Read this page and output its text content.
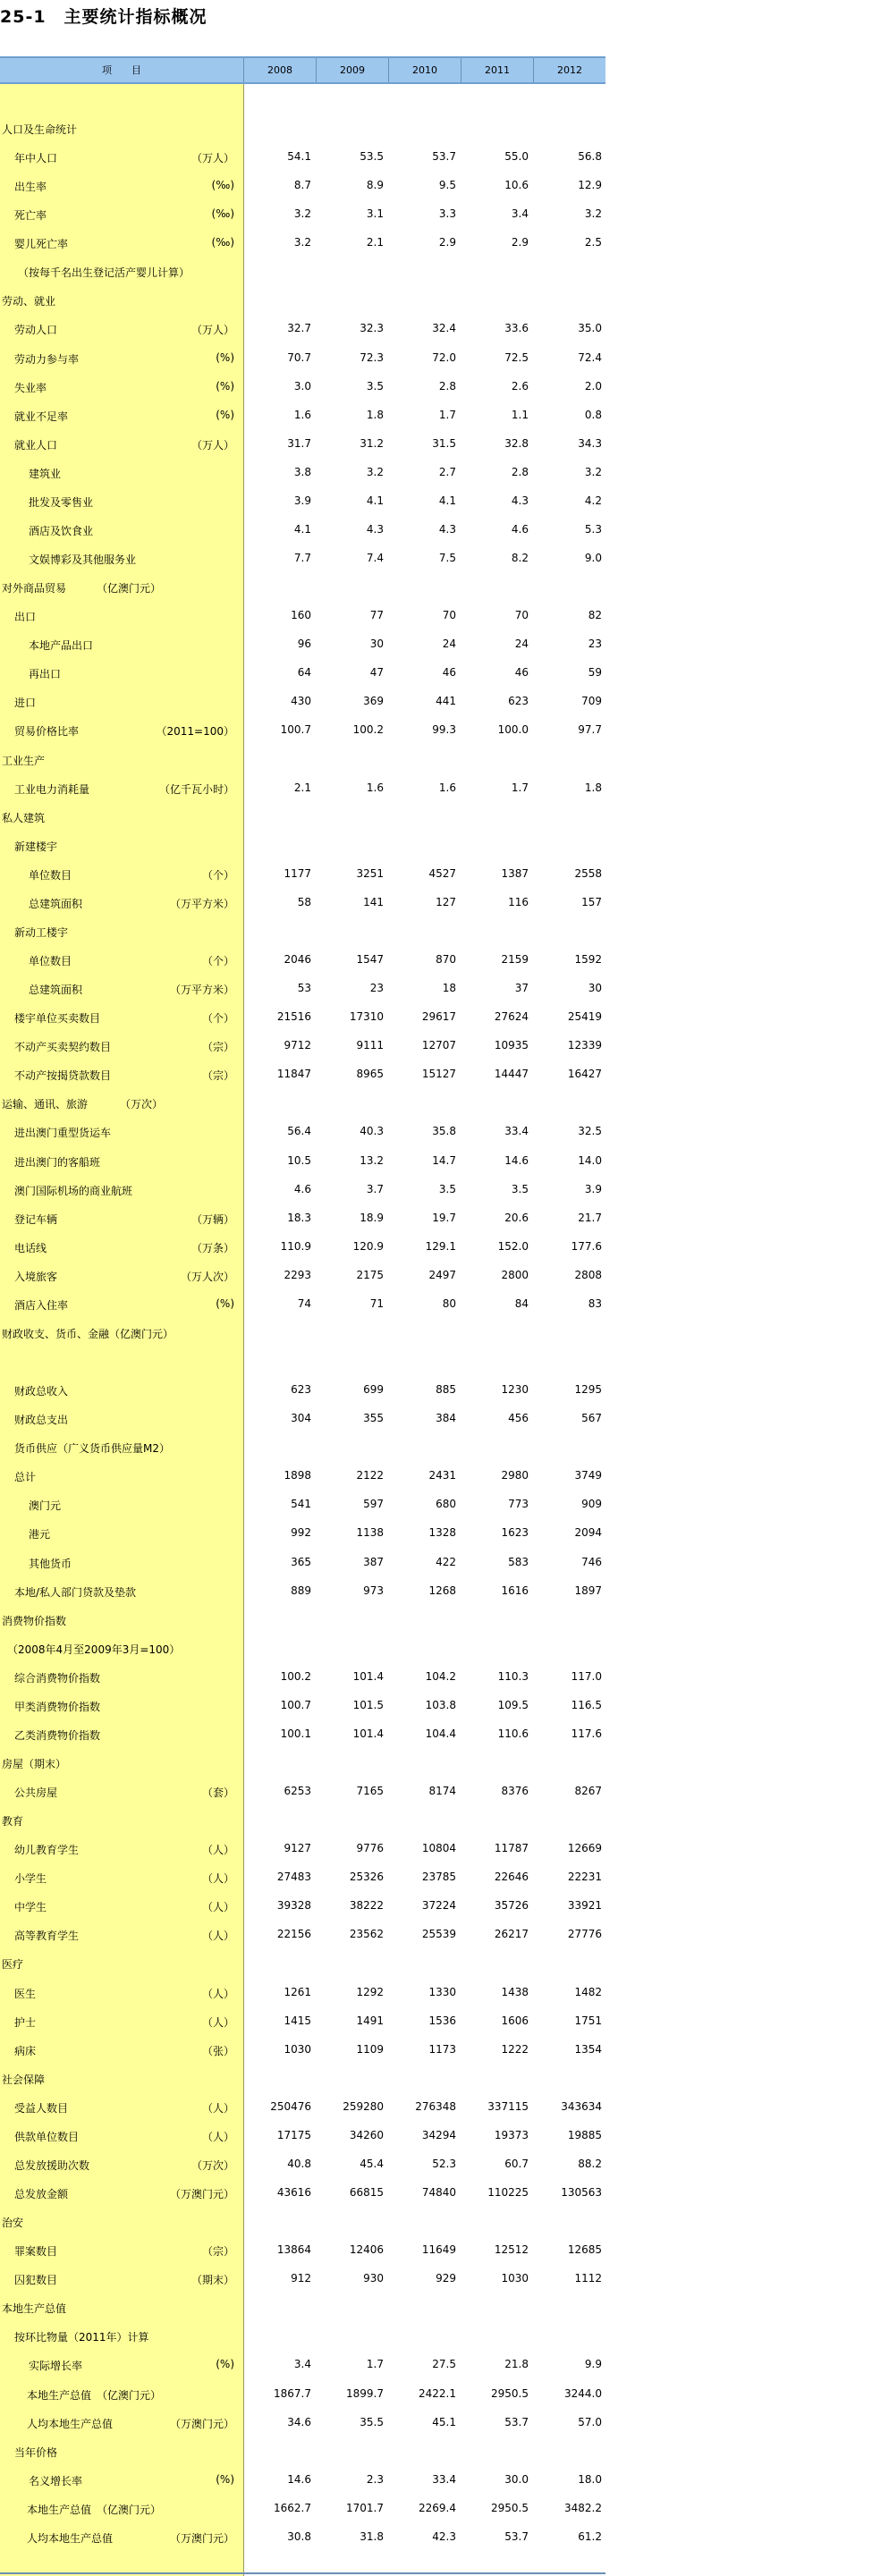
25-1 主要统计指标概况
项　　目	2008	2009	2010	2011	2012
人口及生命统计
年中人口	（万人）	54.1	53.5	53.7	55.0	56.8
出生率	(‰)	8.7	8.9	9.5	10.6	12.9
死亡率	(‰)	3.2	3.1	3.3	3.4	3.2
婴儿死亡率	(‰)	3.2	2.1	2.9	2.9	2.5
（按每千名出生登记活产婴儿计算）
劳动、就业
劳动人口	（万人）	32.7	32.3	32.4	33.6	35.0
劳动力参与率	(%)	70.7	72.3	72.0	72.5	72.4
失业率	(%)	3.0	3.5	2.8	2.6	2.0
就业不足率	(%)	1.6	1.8	1.7	1.1	0.8
就业人口	（万人）	31.7	31.2	31.5	32.8	34.3
建筑业	3.8	3.2	2.7	2.8	3.2
批发及零售业	3.9	4.1	4.1	4.3	4.2
酒店及饮食业	4.1	4.3	4.3	4.6	5.3
文娱博彩及其他服务业	7.7	7.4	7.5	8.2	9.0
对外商品贸易	（亿澳门元）
出口	160	77	70	70	82
本地产品出口	96	30	24	24	23
再出口	64	47	46	46	59
进口	430	369	441	623	709
贸易价格比率	（2011=100）	100.7	100.2	99.3	100.0	97.7
工业生产
工业电力消耗量	（亿千瓦小时）	2.1	1.6	1.6	1.7	1.8
私人建筑
新建楼宇
单位数目	（个）	1177	3251	4527	1387	2558
总建筑面积	（万平方米）	58	141	127	116	157
新动工楼宇
单位数目	（个）	2046	1547	870	2159	1592
总建筑面积	（万平方米）	53	23	18	37	30
楼宇单位买卖数目	（个）	21516	17310	29617	27624	25419
不动产买卖契约数目	（宗）	9712	9111	12707	10935	12339
不动产按揭贷款数目	（宗）	11847	8965	15127	14447	16427
运输、通讯、旅游	（万次）
进出澳门重型货运车	56.4	40.3	35.8	33.4	32.5
进出澳门的客船班	10.5	13.2	14.7	14.6	14.0
澳门国际机场的商业航班	4.6	3.7	3.5	3.5	3.9
登记车辆	（万辆）	18.3	18.9	19.7	20.6	21.7
电话线	（万条）	110.9	120.9	129.1	152.0	177.6
入境旅客	（万人次）	2293	2175	2497	2800	2808
酒店入住率	(%)	74	71	80	84	83
财政收支、货币、金融（亿澳门元）
财政总收入	623	699	885	1230	1295
财政总支出	304	355	384	456	567
货币供应（广义货币供应量M2）
总计	1898	2122	2431	2980	3749
澳门元	541	597	680	773	909
港元	992	1138	1328	1623	2094
其他货币	365	387	422	583	746
本地/私人部门贷款及垫款	889	973	1268	1616	1897
消费物价指数
（2008年4月至2009年3月=100）
综合消费物价指数	100.2	101.4	104.2	110.3	117.0
甲类消费物价指数	100.7	101.5	103.8	109.5	116.5
乙类消费物价指数	100.1	101.4	104.4	110.6	117.6
房屋（期末）
公共房屋	（套）	6253	7165	8174	8376	8267
教育
幼儿教育学生	（人）	9127	9776	10804	11787	12669
小学生	（人）	27483	25326	23785	22646	22231
中学生	（人）	39328	38222	37224	35726	33921
高等教育学生	（人）	22156	23562	25539	26217	27776
医疗
医生	（人）	1261	1292	1330	1438	1482
护士	（人）	1415	1491	1536	1606	1751
病床	（张）	1030	1109	1173	1222	1354
社会保障
受益人数目	（人）	250476	259280	276348	337115	343634
供款单位数目	（人）	17175	34260	34294	19373	19885
总发放援助次数	（万次）	40.8	45.4	52.3	60.7	88.2
总发放金额	（万澳门元）	43616	66815	74840	110225	130563
治安
罪案数目	（宗）	13864	12406	11649	12512	12685
囚犯数目	（期末）	912	930	929	1030	1112
本地生产总值
按环比物量（2011年）计算
实际增长率	(%)	3.4	1.7	27.5	21.8	9.9
本地生产总值 （亿澳门元）	1867.7	1899.7	2422.1	2950.5	3244.0
人均本地生产总值	（万澳门元）	34.6	35.5	45.1	53.7	57.0
当年价格
名义增长率	(%)	14.6	2.3	33.4	30.0	18.0
本地生产总值 （亿澳门元）	1662.7	1701.7	2269.4	2950.5	3482.2
人均本地生产总值	（万澳门元）	30.8	31.8	42.3	53.7	61.2
